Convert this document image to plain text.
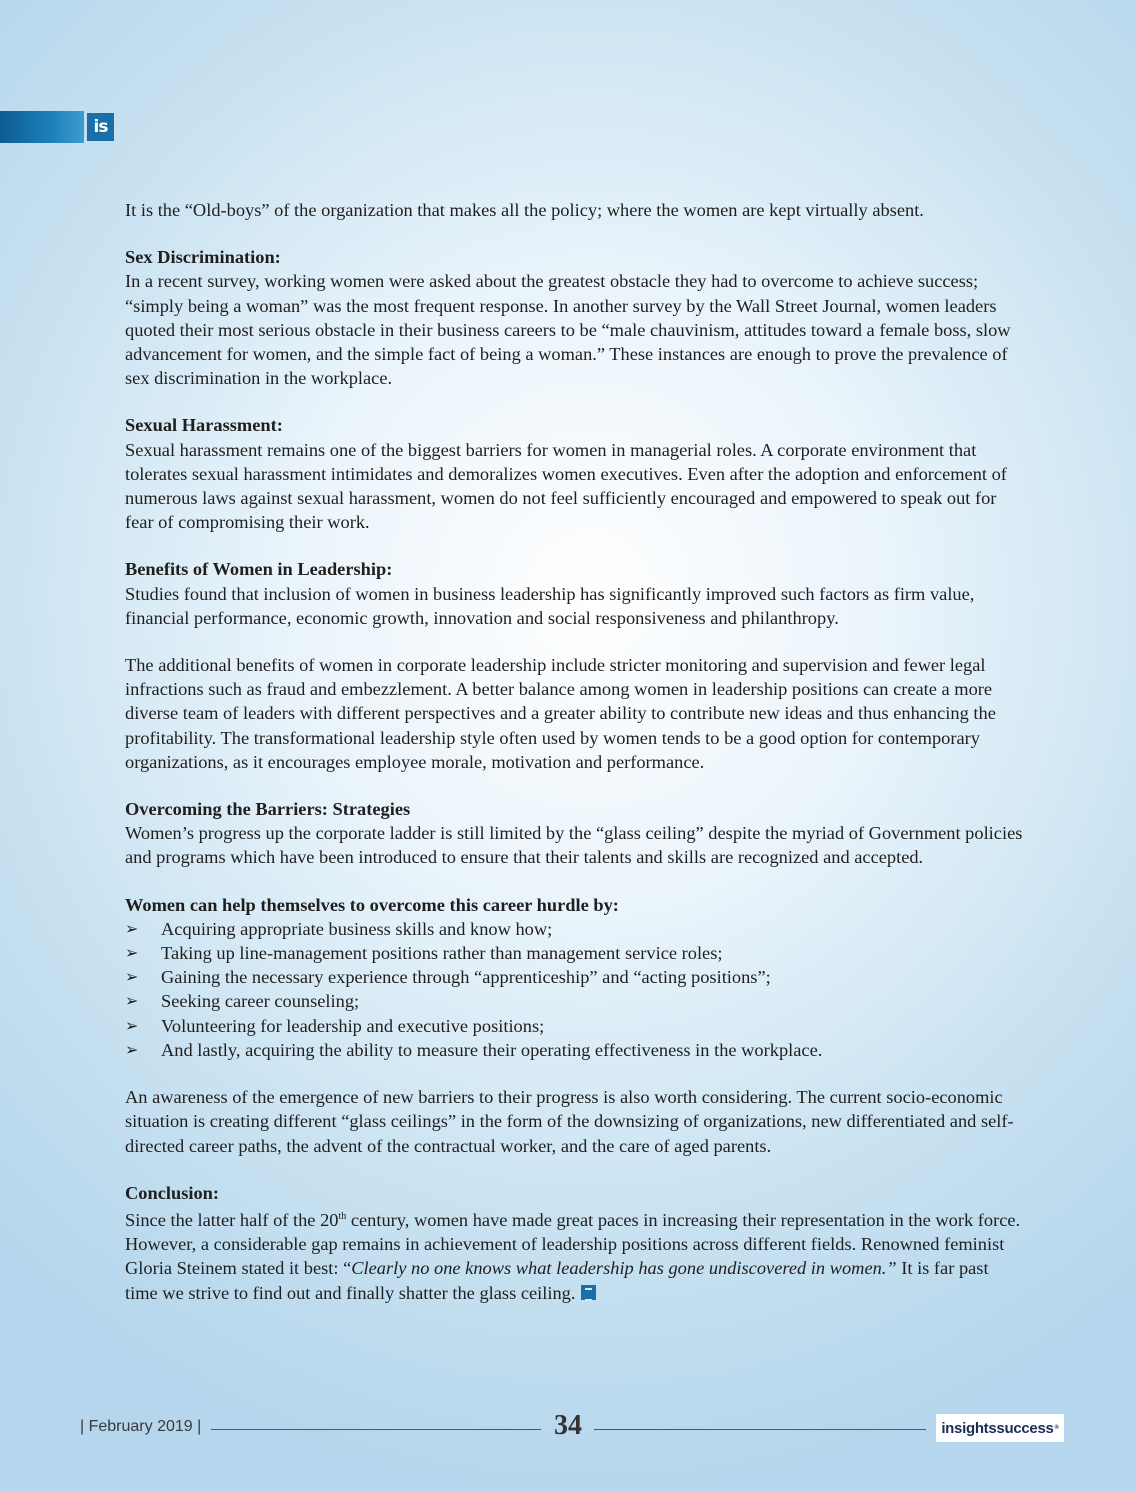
is

It is the “Old-boys” of the organization that makes all the policy; where the women are kept virtually absent.

Sex Discrimination:

In a recent survey, working women were asked about the greatest obstacle they had to overcome to achieve success; “simply being a woman” was the most frequent response. In another survey by the Wall Street Journal, women leaders quoted their most serious obstacle in their business careers to be “male chauvinism, attitudes toward a female boss, slow advancement for women, and the simple fact of being a woman.” These instances are enough to prove the prevalence of sex discrimination in the workplace.

Sexual Harassment:

Sexual harassment remains one of the biggest barriers for women in managerial roles. A corporate environment that tolerates sexual harassment intimidates and demoralizes women executives. Even after the adoption and enforcement of numerous laws against sexual harassment, women do not feel sufficiently encouraged and empowered to speak out for fear of compromising their work.

Benefits of Women in Leadership:

Studies found that inclusion of women in business leadership has significantly improved such factors as firm value, financial performance, economic growth, innovation and social responsiveness and philanthropy.

The additional benefits of women in corporate leadership include stricter monitoring and supervision and fewer legal infractions such as fraud and embezzlement. A better balance among women in leadership positions can create a more diverse team of leaders with different perspectives and a greater ability to contribute new ideas and thus enhancing the profitability. The transformational leadership style often used by women tends to be a good option for contemporary organizations, as it encourages employee morale, motivation and performance.

Overcoming the Barriers: Strategies

Women’s progress up the corporate ladder is still limited by the “glass ceiling” despite the myriad of Government policies and programs which have been introduced to ensure that their talents and skills are recognized and accepted.

Women can help themselves to overcome this career hurdle by:

➢ Acquiring appropriate business skills and know how;
➢ Taking up line-management positions rather than management service roles;
➢ Gaining the necessary experience through “apprenticeship” and “acting positions”;
➢ Seeking career counseling;
➢ Volunteering for leadership and executive positions;
➢ And lastly, acquiring the ability to measure their operating effectiveness in the workplace.

An awareness of the emergence of new barriers to their progress is also worth considering. The current socio-economic situation is creating different “glass ceilings” in the form of the downsizing of organizations, new differentiated and self-directed career paths, the advent of the contractual worker, and the care of aged parents.

Conclusion:

Since the latter half of the 20th century, women have made great paces in increasing their representation in the work force. However, a considerable gap remains in achievement of leadership positions across different fields. Renowned feminist Gloria Steinem stated it best: “Clearly no one knows what leadership has gone undiscovered in women.” It is far past time we strive to find out and finally shatter the glass ceiling.

| February 2019 |	34	insightssuccess ®
